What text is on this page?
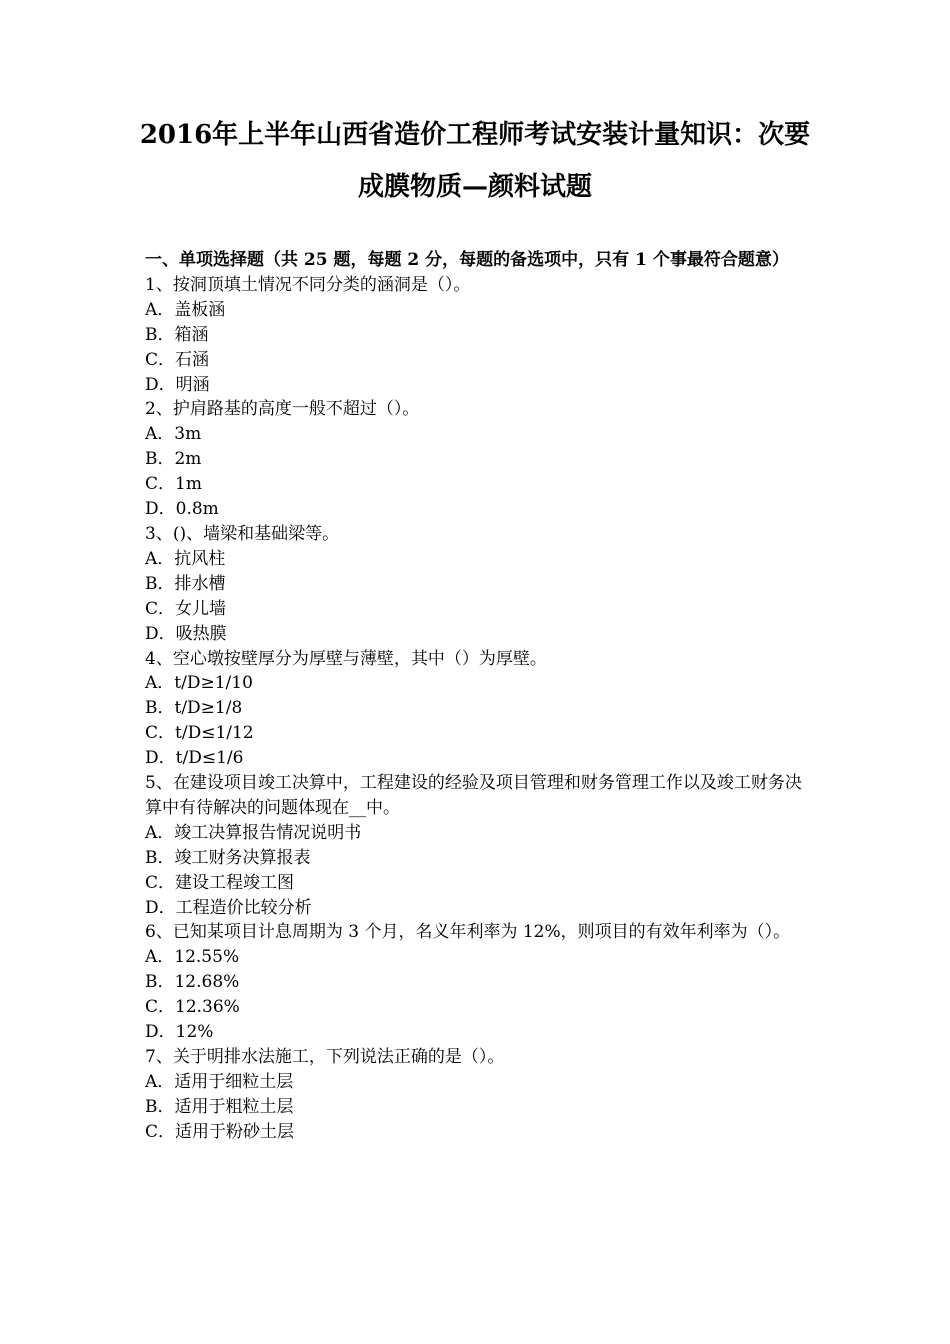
2016年上半年山西省造价工程师考试安装计量知识：次要
成膜物质—颜料试题

一、单项选择题（共 25 题，每题 2 分，每题的备选项中，只有 1 个事最符合题意）

1、按洞顶填土情况不同分类的涵洞是（）。

A．盖板涵

B．箱涵

C．石涵

D．明涵

2、护肩路基的高度一般不超过（）。

A．3m

B．2m

C．1m

D．0.8m

3、()、墙梁和基础梁等。

A．抗风柱

B．排水槽

C．女儿墙

D．吸热膜

4、空心墩按壁厚分为厚壁与薄壁，其中（）为厚壁。

A．t/D≥1/10

B．t/D≥1/8

C．t/D≤1/12

D．t/D≤1/6

5、在建设项目竣工决算中，工程建设的经验及项目管理和财务管理工作以及竣工财务决算中有待解决的问题体现在__中。

A．竣工决算报告情况说明书

B．竣工财务决算报表

C．建设工程竣工图

D．工程造价比较分析

6、已知某项目计息周期为 3 个月，名义年利率为 12%，则项目的有效年利率为（）。

A．12.55%

B．12.68%

C．12.36%

D．12%

7、关于明排水法施工，下列说法正确的是（）。

A．适用于细粒土层

B．适用于粗粒土层

C．适用于粉砂土层
